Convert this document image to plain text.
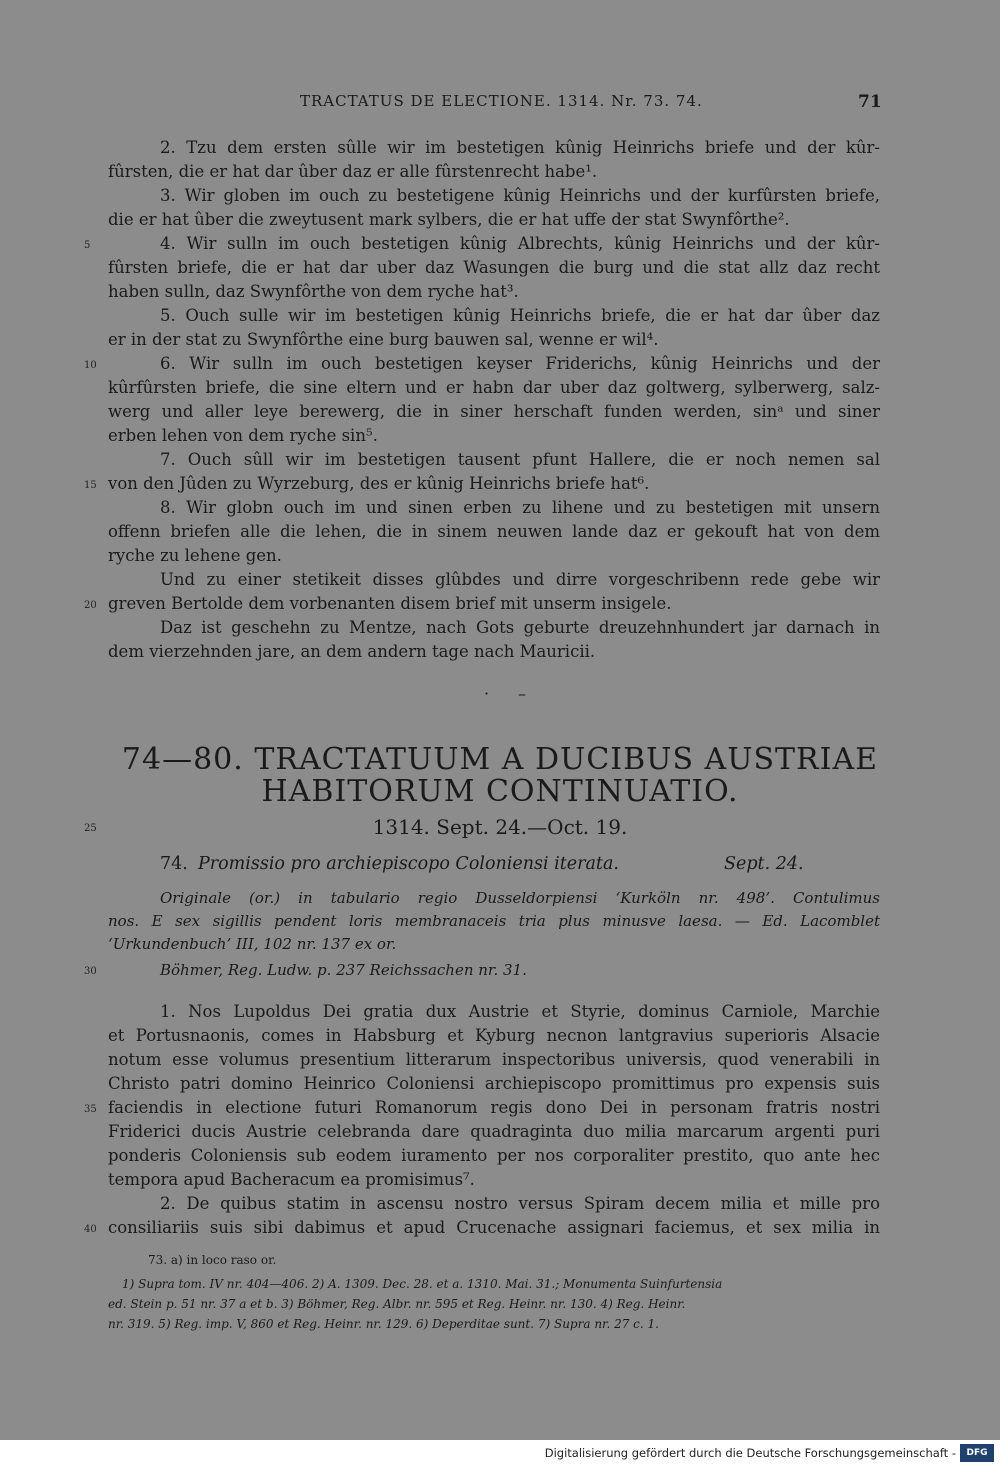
TRACTATUS DE ELECTIONE. 1314. Nr. 73. 74.	71
2. Tzu dem ersten sûlle wir im bestetigen kûnig Heinrichs briefe und der kûr-
fûrsten, die er hat dar ûber daz er alle fûrstenrecht habe¹.
3. Wir globen im ouch zu bestetigene kûnig Heinrichs und der kurfûrsten briefe,
die er hat ûber die zweytusent mark sylbers, die er hat uffe der stat Swynfôrthe².
4. Wir sulln im ouch bestetigen kûnig Albrechts, kûnig Heinrichs und der kûr-
fûrsten briefe, die er hat dar uber daz Wasungen die burg und die stat allz daz recht
haben sulln, daz Swynfôrthe von dem ryche hat³.
5. Ouch sulle wir im bestetigen kûnig Heinrichs briefe, die er hat dar ûber daz
er in der stat zu Swynfôrthe eine burg bauwen sal, wenne er wil⁴.
6. Wir sulln im ouch bestetigen keyser Friderichs, kûnig Heinrichs und der
kûrfûrsten briefe, die sine eltern und er habn dar uber daz goltwerg, sylberwerg, salz-
werg und aller leye berewerg, die in siner herschaft funden werden, sinᵃ und siner
erben lehen von dem ryche sin⁵.
7. Ouch sûll wir im bestetigen tausent pfunt Hallere, die er noch nemen sal
von den Jûden zu Wyrzeburg, des er kûnig Heinrichs briefe hat⁶.
8. Wir globn ouch im und sinen erben zu lihene und zu bestetigen mit unsern
offenn briefen alle die lehen, die in sinem neuwen lande daz er gekouft hat von dem
ryche zu lehene gen.
Und zu einer stetikeit disses glûbdes und dirre vorgeschribenn rede gebe wir
greven Bertolde dem vorbenanten disem brief mit unserm insigele.
Daz ist geschehn zu Mentze, nach Gots geburte dreuzehnhundert jar darnach in
dem vierzehnden jare, an dem andern tage nach Mauricii.
· –
74—80. TRACTATUUM A DUCIBUS AUSTRIAE
HABITORUM CONTINUATIO.
1314. Sept. 24.—Oct. 19.
74. Promissio pro archiepiscopo Coloniensi iterata.	Sept. 24.
Originale (or.) in tabulario regio Dusseldorpiensi ‘Kurköln nr. 498’. Contulimus
nos. E sex sigillis pendent loris membranaceis tria plus minusve laesa. — Ed. Lacomblet
‘Urkundenbuch’ III, 102 nr. 137 ex or.
Böhmer, Reg. Ludw. p. 237 Reichssachen nr. 31.
1. Nos Lupoldus Dei gratia dux Austrie et Styrie, dominus Carniole, Marchie
et Portusnaonis, comes in Habsburg et Kyburg necnon lantgravius superioris Alsacie
notum esse volumus presentium litterarum inspectoribus universis, quod venerabili in
Christo patri domino Heinrico Coloniensi archiepiscopo promittimus pro expensis suis
faciendis in electione futuri Romanorum regis dono Dei in personam fratris nostri
Friderici ducis Austrie celebranda dare quadraginta duo milia marcarum argenti puri
ponderis Coloniensis sub eodem iuramento per nos corporaliter prestito, quo ante hec
tempora apud Bacheracum ea promisimus⁷.
2. De quibus statim in ascensu nostro versus Spiram decem milia et mille pro
consiliariis suis sibi dabimus et apud Crucenache assignari faciemus, et sex milia in
5
10
15
20
25
30
35
40
73. a) in loco raso or.
1) Supra tom. IV nr. 404—406. 2) A. 1309. Dec. 28. et a. 1310. Mai. 31.; Monumenta Suinfurtensia
ed. Stein p. 51 nr. 37 a et b. 3) Böhmer, Reg. Albr. nr. 595 et Reg. Heinr. nr. 130. 4) Reg. Heinr.
nr. 319. 5) Reg. imp. V, 860 et Reg. Heinr. nr. 129. 6) Deperditae sunt. 7) Supra nr. 27 c. 1.
Digitalisierung gefördert durch die Deutsche Forschungsgemeinschaft -	DFG
